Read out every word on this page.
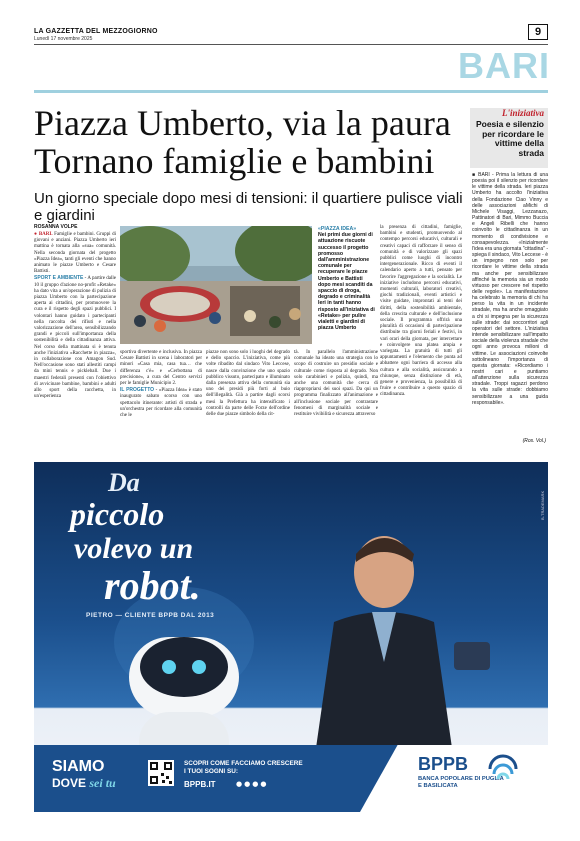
LA GAZZETTA DEL MEZZOGIORNO
Lunedì 17 novembre 2025
9
BARI
Piazza Umberto, via la paura
Tornano famiglie e bambini
Un giorno speciale dopo mesi di tensioni: il quartiere pulisce viali e giardini
L'iniziativa
Poesia e silenzio per ricordare le vittime della strada
■ BARI - Prima la lettura di una poesia poi il silenzio per ricordare le vittime della strada. Ieri piazza Umberto ha accolto l'iniziativa della Fondazione Ciao Vinny e delle associazioni aMichi di Michele Visaggi, Lezzanazo, Pattinatori di Bari, Mimmo Buccia e Angeli Ribelli che hanno coinvolto le cittadinanza in un momento di condivisione e consapevolezza. «Inizialmente l'idea era una giornata "cittadina" - spiega il sindaco, Vito Leccese - è un impegno non solo per ricordare le vittime della strada ma anche per sensibilizzare affinché la memoria sia un modo virtuoso per crescere nel rispetto delle regole». La manifestazione ha celebrato la memoria di chi ha perso la vita in un incidente stradale, ma ha anche omaggiato a chi si impegna per la sicurezza sulle strade: dai soccorritori agli operatori del settore. L'iniziativa intende sensibilizzare sull'impatto sociale della violenza stradale che ogni anno provoca milioni di vittime. Le associazioni coinvolte sottolineano l'importanza di questa giornata: «Ricordiamo i nostri cari e puntiamo all'attenzione sulla sicurezza stradale. Troppi ragazzi perdono la vita sulle strade: dobbiamo sensibilizzare a una guida responsabile».
(Ros. Vol.)
ROSANNA VOLPE
● BARI. Famiglie e bambini. Gruppi di giovani e anziani. Piazza Umberto ieri mattina è tornata alla «sua» comunità. Nella seconda giornata del progetto «Piazza Idea», tanti gli eventi che hanno animato le piazze Umberto e Cesare Battisti.
SPORT E AMBIENTE - A partire dalle 10 il gruppo d'azione no-profit «Retake» ha dato vita a un'operazione di pulizia di piazza Umberto con la partecipazione aperta ai cittadini, per promuovere la cura e il rispetto degli spazi pubblici. I volontari hanno guidato i partecipanti nella raccolta dei rifiuti e nella valorizzazione dell'area, sensibilizzando grandi e piccoli sull'importanza della sostenibilità e della cittadinanza attiva. Nel corso della mattinata si è tenuta anche l'iniziativa «Racchette in piazza», in collaborazione con Amagon Sud. Nell'occasione sono stati allestiti campi da mini tennis e pickleball. Due i maestri federali presenti con l'obiettivo di avvicinare bambine, bambini e adulti allo sport della racchetta, in un'esperienza
«PIAZZA IDEA»
Nei primi due giorni di attuazione riscuote successo il progetto promosso dall'amministrazione comunale per recuperare le piazze Umberto e Battisti dopo mesi scanditi da spaccio di droga, degrado e criminalità Ieri in tanti hanno risposto all'iniziativa di «Retake» per pulire vialetti e giardini di piazza Umberto
sportiva divertente e inclusiva. In piazza Cesare Battisti in scena i laboratori per minori «Casa mia, casa tua… che differenza c'è» e «Cerbottana di precisione», a cura del Centro servizi per le famiglie Municipio 2.
IL PROGETTO - «Piazza Idea» è stato inaugurato sabato scorso con uno spettacolo itinerante: artisti di strada e un'orchestra per ricordare alla comunità che le
piazze non sono solo i luoghi del degrado e dello spaccio. L'iniziativa, come più volte ribadito dal sindaco Vito Leccese, nasce dalla convinzione che uno spazio pubblico vissuto, partecipato e illuminato dalla presenza attiva della comunità sia uno dei presidi più forti al buio dell'illegalità. Già a partire dagli scorsi mesi la Prefettura ha intensificato i controlli da parte delle Forze dell'ordine delle due piazze simbolo della cit-
tà. In parallelo l'amministrazione comunale ha ideato una strategia con lo scopo di costruire un presidio sociale e culturale come risposta al degrado. Non solo carabinieri e polizia, quindi, ma anche una comunità che cerca di riappropriarsi dei suoi spazi. Da qui un programma finalizzato all'animazione e all'inclusione sociale per contrastare fenomeni di marginalità sociale e restituire vivibilità e sicurezza attraverso
la presenza di cittadini, famiglie, bambini e studenti, promuovendo al contempo percorsi educativi, culturali e creativi capaci di rafforzare il senso di comunità e di valorizzare gli spazi pubblici come luoghi di incontro intergenerazionale. Ricco di eventi il calendario aperto a tutti, pensato per favorire l'aggregazione e la socialità. Le iniziative includono percorsi educativi, momenti culturali, laboratori creativi, giochi tradizionali, eventi artistici e visite guidate, improntati ai temi dei diritti, della sostenibilità ambientale, della crescita culturale e dell'inclusione sociale. Il programma offrirà una pluralità di occasioni di partecipazione distribuite tra giorni feriali e festivi, in vari orari della giornata, per intercettare e coinvolgere una platea ampia e variegata. La gratuità di tutti gli appuntamenti e l'elemento che punta ad abbattere ogni barriera di accesso alla cultura e alla socialità, assicurando a chiunque, senza distinzione di età, genere e provenienza, la possibilità di fruire e contribuire a questo spazio di cittadinanza.
Da
piccolo
volevo un
robot.
PIETRO — CLIENTE BPPB DAL 2013
B-TRADEMARK
SIAMO
DOVE sei tu
SCOPRI COME FACCIAMO CRESCERE I TUOI SOGNI SU:
BPPB.IT	●●●●
BPPB
BANCA POPOLARE DI PUGLIA E BASILICATA
